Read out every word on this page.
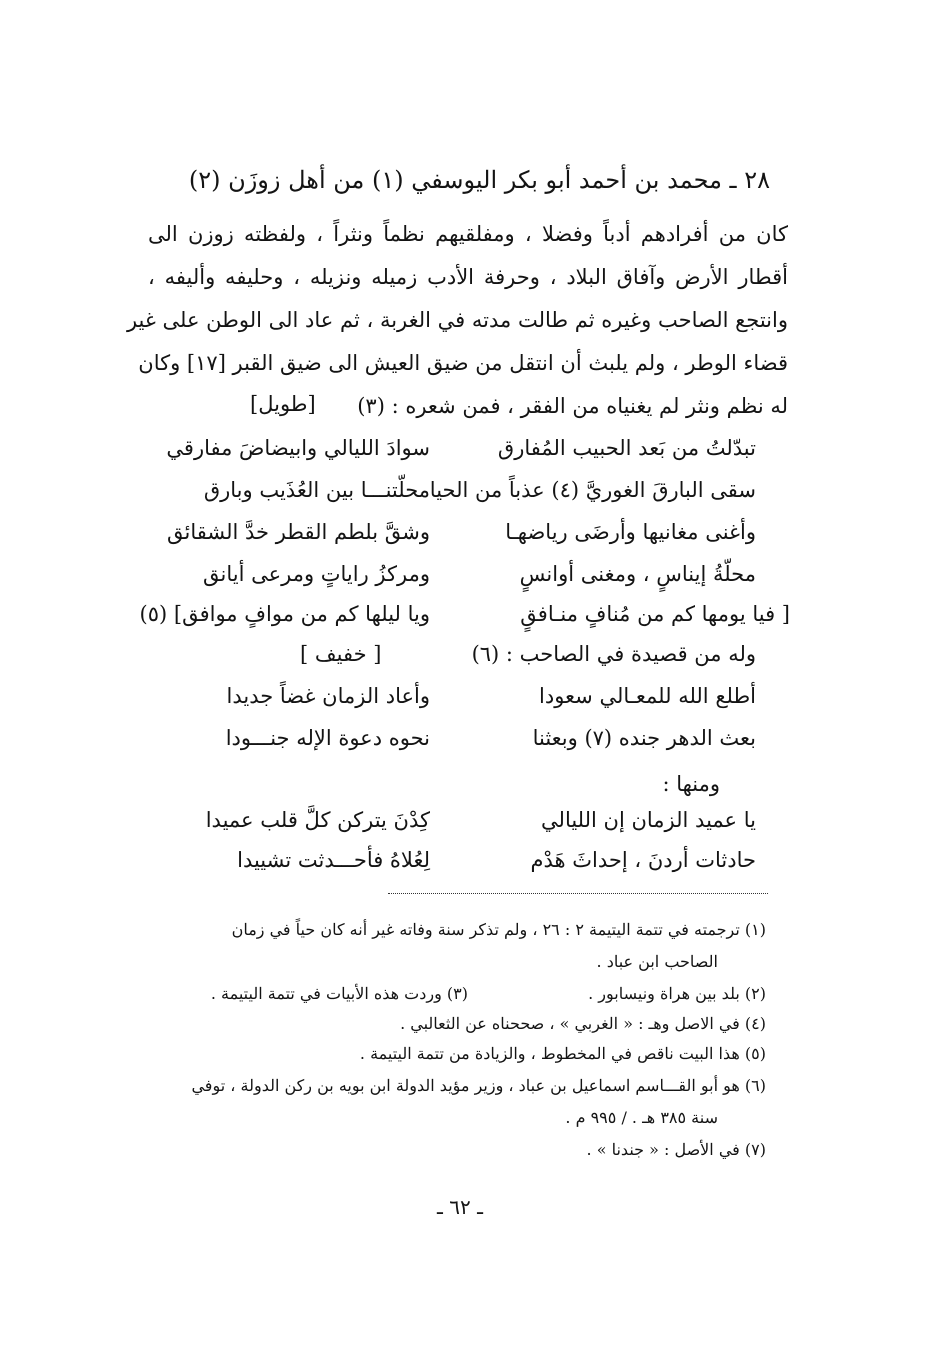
٢٨ ـ محمد بن أحمد أبو بكر اليوسفي (١) من أهل زوزَن (٢)
كان من أفرادهم أدباً وفضلا ، ومفلقيهم نظماً ونثراً ، ولفظته زوزن الى
أقطار الأرض وآفاق البلاد ، وحرفة الأدب زميله ونزيله ، وحليفه وأليفه ،
وانتجع الصاحب وغيره ثم طالت مدته في الغربة ، ثم عاد الى الوطن على غير
قضاء الوطر ، ولم يلبث أن انتقل من ضيق العيش الى ضيق القبر [١٧] وكان
له نظم ونثر لم يغنياه من الفقر ، فمن شعره : (٣)
[طويل]
تبدّلتُ من بَعد الحبيب المُفارق
سوادَ الليالي وابيضاضَ مفارقي
سقى البارقَ الغوريَّ (٤) عذباً من الحيا
محلّتنـــا بين العُذَيب وبارق
وأغنى مغانيها وأرضَى رياضهـا
وشقَّ بلطم القطر خدَّ الشقائق
محلّةُ إيناسٍ ، ومغنى أوانسٍ
ومركزُ راياتٍ ومرعى أيانق
[ فيا يومها كم من مُنافٍ منـافقٍ
ويا ليلها كم من موافٍ موافق] (٥)
وله من قصيدة في الصاحب : (٦)
[ خفيف ]
أطلع الله للمعـالي سعودا
وأعاد الزمان غضاً جديدا
بعث الدهر جنده (٧) وبعثنا
نحوه دعوة الإله جنـــودا
ومنها :
يا عميد الزمان إن الليالي
كِدْنَ يتركن كلَّ قلب عميدا
حادثات أردنَ ، إحداثَ هَدْم
لِعُلاهُ فأحـــدثت تشييدا
(١) ترجمته في تتمة اليتيمة ٢ : ٢٦ ، ولم تذكر سنة وفاته غير أنه كان حياً في زمان
الصاحب ابن عباد .
(٢) بلد بين هراة ونيسابور .
(٣) وردت هذه الأبيات في تتمة اليتيمة .
(٤) في الاصل وهـ : « الغربي » ، صححناه عن الثعالبي .
(٥) هذا البيت ناقص في المخطوط ، والزيادة من تتمة اليتيمة .
(٦) هو أبو القـــاسم اسماعيل بن عباد ، وزير مؤيد الدولة ابن بويه بن ركن الدولة ، توفي
سنة ٣٨٥ هـ . / ٩٩٥ م .
(٧) في الأصل : « جندنا » .
ـ ٦٢ ـ
